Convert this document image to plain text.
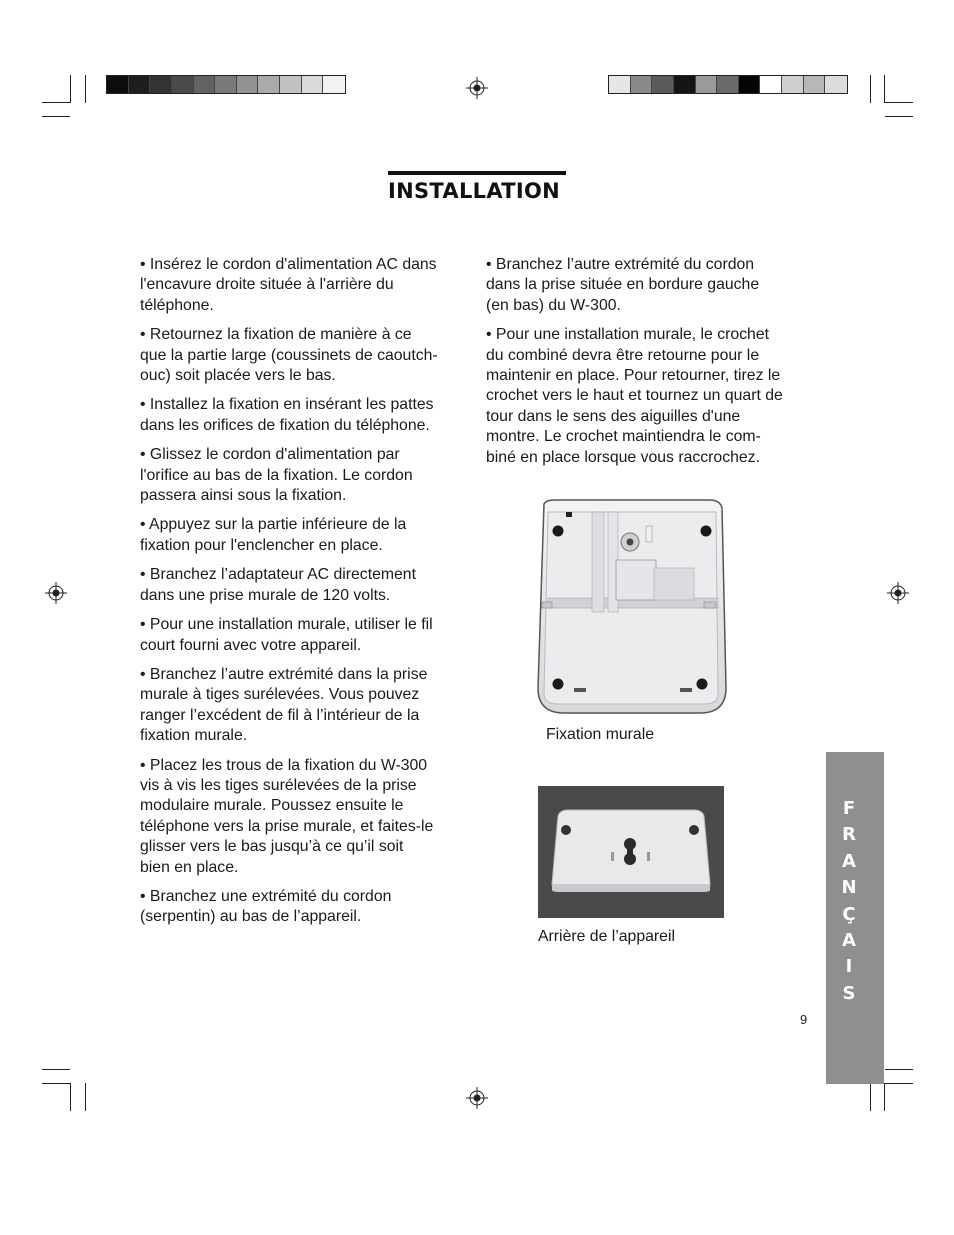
INSTALLATION

• Insérez le cordon d'alimentation AC dans
l'encavure droite située à l'arrière du
téléphone.

• Retournez la fixation de manière à ce
que la partie large (coussinets de caoutch-
ouc) soit placée vers le bas.

• Installez la fixation en insérant les pattes
dans les orifices de fixation du téléphone.

• Glissez le cordon d'alimentation par
l'orifice au bas de la fixation. Le cordon
passera ainsi sous la fixation.

• Appuyez sur la partie inférieure de la
fixation pour l'enclencher en place.

• Branchez l’adaptateur AC directement
dans une prise murale de 120 volts.

• Pour une installation murale, utiliser le fil
court fourni avec votre appareil.

• Branchez l’autre extrémité dans la prise
murale à tiges surélevées. Vous pouvez
ranger l’excédent de fil à l’intérieur de la
fixation murale.

• Placez les trous de la fixation du W-300
vis à vis les tiges surélevées de la prise
modulaire murale. Poussez ensuite le
téléphone vers la prise murale, et faites-le
glisser vers le bas jusqu’à ce qu’il soit
bien en place.

• Branchez une extrémité du cordon
(serpentin) au bas de l’appareil.

• Branchez l’autre extrémité du cordon
dans la prise située en bordure gauche
(en bas) du W-300.

• Pour une installation murale, le crochet
du combiné devra être retourne pour le
maintenir en place. Pour retourner, tirez le
crochet vers le haut et tournez un quart de
tour dans le sens des aiguilles d'une
montre. Le crochet maintiendra le com-
biné en place lorsque vous raccrochez.

Fixation murale
Arrière de l’appareil
F
R
A
N
Ç
A
I
S
9
